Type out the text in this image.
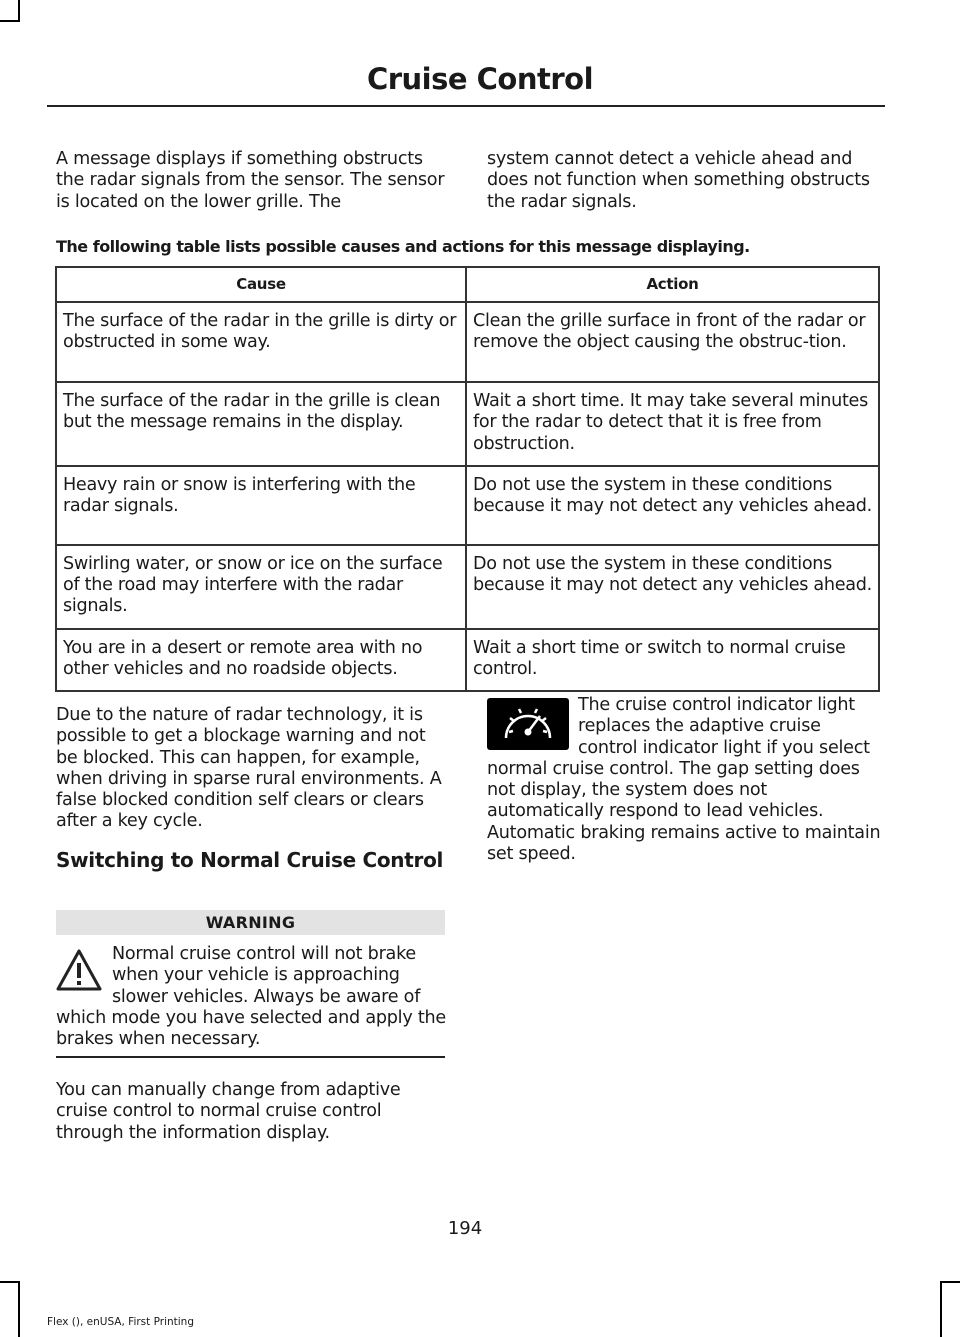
Cruise Control
A message displays if something obstructs the radar signals from the sensor. The sensor is located on the lower grille. The
system cannot detect a vehicle ahead and does not function when something obstructs the radar signals.
The following table lists possible causes and actions for this message displaying.
Cause	Action
The surface of the radar in the grille is dirty or obstructed in some way.	Clean the grille surface in front of the radar or remove the object causing the obstruc-tion.
The surface of the radar in the grille is clean but the message remains in the display.	Wait a short time. It may take several minutes for the radar to detect that it is free from obstruction.
Heavy rain or snow is interfering with the radar signals.	Do not use the system in these conditions because it may not detect any vehicles ahead.
Swirling water, or snow or ice on the surface of the road may interfere with the radar signals.	Do not use the system in these conditions because it may not detect any vehicles ahead.
You are in a desert or remote area with no other vehicles and no roadside objects.	Wait a short time or switch to normal cruise control.
Due to the nature of radar technology, it is possible to get a blockage warning and not be blocked. This can happen, for example, when driving in sparse rural environments. A false blocked condition self clears or clears after a key cycle.
Switching to Normal Cruise Control
WARNING
Normal cruise control will not brake when your vehicle is approaching slower vehicles. Always be aware of which mode you have selected and apply the brakes when necessary.
You can manually change from adaptive cruise control to normal cruise control through the information display.
The cruise control indicator light replaces the adaptive cruise control indicator light if you select normal cruise control. The gap setting does not display, the system does not automatically respond to lead vehicles. Automatic braking remains active to maintain set speed.
194
Flex (), enUSA, First Printing
